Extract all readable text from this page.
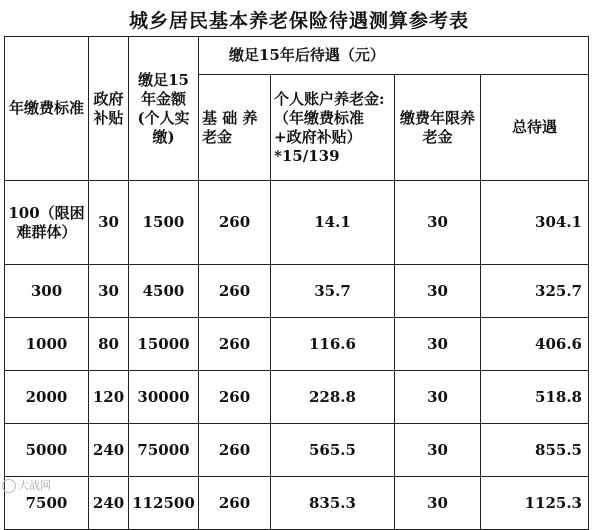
城乡居民基本养老保险待遇测算参考表
年缴费标准	政府补贴	缴足15年金额(个人实缴)	缴足15年后待遇（元）			
			基 础 养老金	个人账户养老金:（年缴费标准+政府补贴）*15/139	缴费年限养老金	总待遇
100（限困难群体）	30	1500	260	14.1	30	304.1
300	30	4500	260	35.7	30	325.7
1000	80	15000	260	116.6	30	406.6
2000	120	30000	260	228.8	30	518.8
5000	240	75000	260	565.5	30	855.5
7500	240	112500	260	835.3	30	1125.3
大战网
